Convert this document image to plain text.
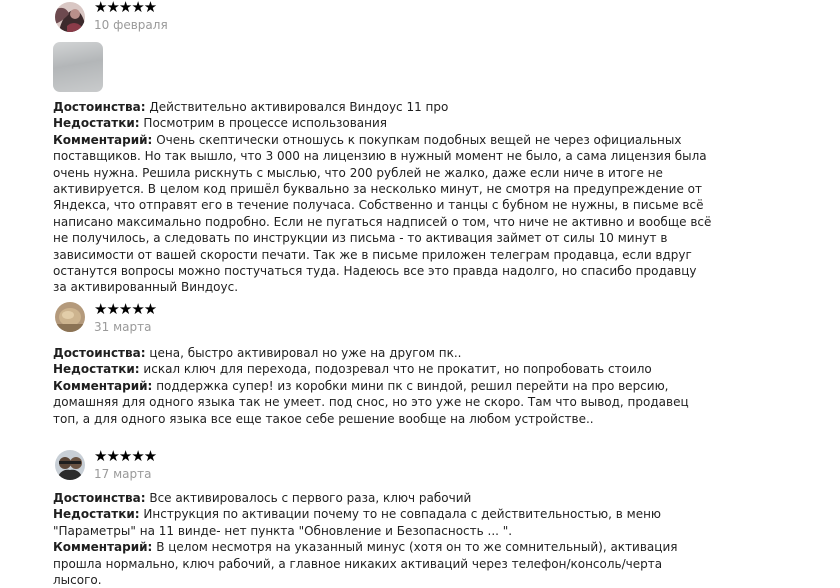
★★★★★
10 февраля

Достоинства: Действительно активировался Виндоус 11 про

Недостатки: Посмотрим в процессе использования

Комментарий: Очень скептически отношусь к покупкам подобных вещей не через официальных поставщиков. Но так вышло, что 3 000 на лицензию в нужный момент не было, а сама лицензия была очень нужна. Решила рискнуть с мыслью, что 200 рублей не жалко, даже если ниче в итоге не активируется. В целом код пришёл буквально за несколько минут, не смотря на предупреждение от Яндекса, что отправят его в течение получаса. Собственно и танцы с бубном не нужны, в письме всё написано максимально подробно. Если не пугаться надписей о том, что ниче не активно и вообще всё не получилось, а следовать по инструкции из письма - то активация займет от силы 10 минут в зависимости от вашей скорости печати. Так же в письме приложен телеграм продавца, если вдруг останутся вопросы можно постучаться туда. Надеюсь все это правда надолго, но спасибо продавцу за активированный Виндоус.

★★★★★
31 марта

Достоинства: цена, быстро активировал но уже на другом пк..

Недостатки: искал ключ для перехода, подозревал что не прокатит, но попробовать стоило

Комментарий: поддержка супер! из коробки мини пк с виндой, решил перейти на про версию, домашняя для одного языка так не умеет. под снос, но это уже не скоро. Там что вывод, продавец топ, а для одного языка все еще такое себе решение вообще на любом устройстве..

★★★★★
17 марта

Достоинства: Все активировалось с первого раза, ключ рабочий

Недостатки: Инструкция по активации почему то не совпадала с действительностью, в меню "Параметры" на 11 винде- нет пункта "Обновление и Безопасность ... ".

Комментарий: В целом несмотря на указанный минус (хотя он то же сомнительный), активация прошла нормально, ключ рабочий, а главное никаких активаций через телефон/консоль/черта лысого.
